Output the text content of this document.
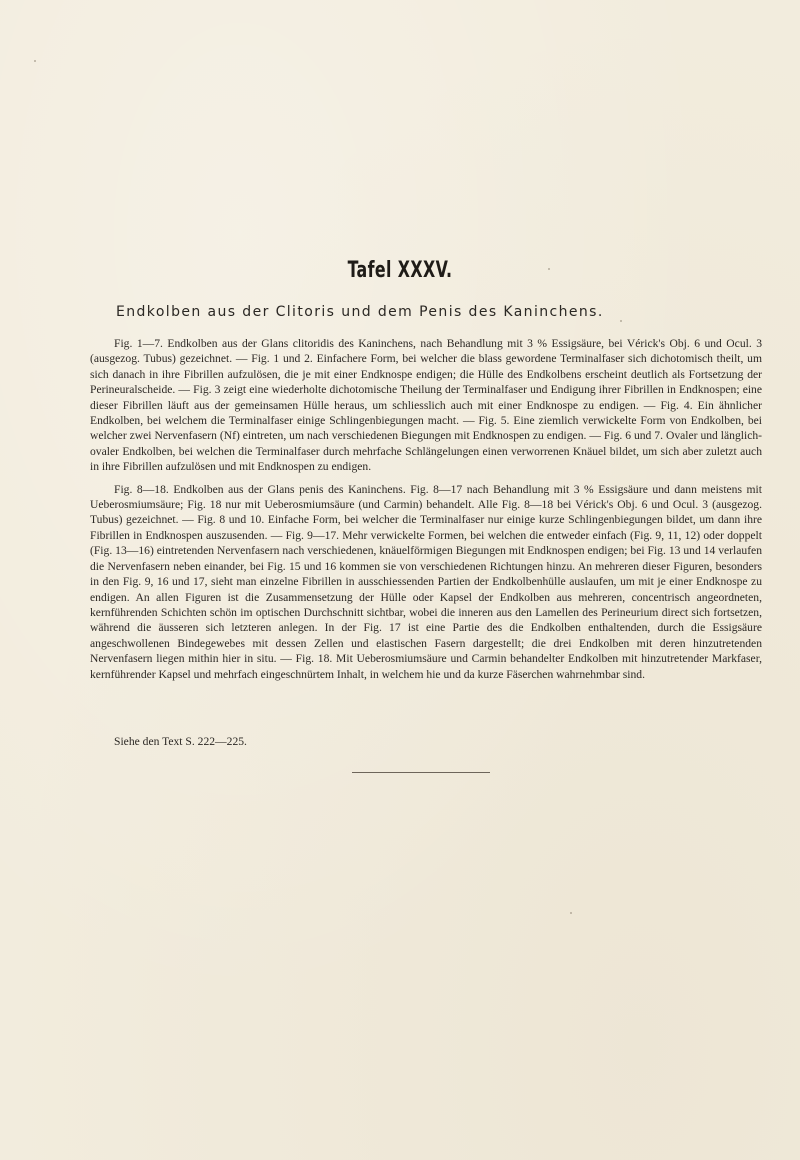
Tafel XXXV.
Endkolben aus der Clitoris und dem Penis des Kaninchens.

Fig. 1—7. Endkolben aus der Glans clitoridis des Kaninchens, nach Behandlung mit 3 % Essigsäure, bei Vérick's Obj. 6 und Ocul. 3 (ausgezog. Tubus) gezeichnet. — Fig. 1 und 2. Einfachere Form, bei welcher die blass gewordene Terminalfaser sich dichotomisch theilt, um sich danach in ihre Fibrillen aufzulösen, die je mit einer Endknospe endigen; die Hülle des Endkolbens erscheint deutlich als Fortsetzung der Perineuralscheide. — Fig. 3 zeigt eine wiederholte dichotomische Theilung der Terminalfaser und Endigung ihrer Fibrillen in Endknospen; eine dieser Fibrillen läuft aus der gemeinsamen Hülle heraus, um schliesslich auch mit einer Endknospe zu endigen. — Fig. 4. Ein ähnlicher Endkolben, bei welchem die Terminalfaser einige Schlingenbiegungen macht. — Fig. 5. Eine ziemlich verwickelte Form von Endkolben, bei welcher zwei Nervenfasern (Nf) eintreten, um nach verschiedenen Biegungen mit Endknospen zu endigen. — Fig. 6 und 7. Ovaler und länglich-ovaler Endkolben, bei welchen die Terminalfaser durch mehrfache Schlängelungen einen verworrenen Knäuel bildet, um sich aber zuletzt auch in ihre Fibrillen aufzulösen und mit Endknospen zu endigen.

Fig. 8—18. Endkolben aus der Glans penis des Kaninchens. Fig. 8—17 nach Behandlung mit 3 % Essigsäure und dann meistens mit Ueberosmiumsäure; Fig. 18 nur mit Ueberosmiumsäure (und Carmin) behandelt. Alle Fig. 8—18 bei Vérick's Obj. 6 und Ocul. 3 (ausgezog. Tubus) gezeichnet. — Fig. 8 und 10. Einfache Form, bei welcher die Terminalfaser nur einige kurze Schlingenbiegungen bildet, um dann ihre Fibrillen in Endknospen auszusenden. — Fig. 9—17. Mehr verwickelte Formen, bei welchen die entweder einfach (Fig. 9, 11, 12) oder doppelt (Fig. 13—16) eintretenden Nervenfasern nach verschiedenen, knäuelförmigen Biegungen mit Endknospen endigen; bei Fig. 13 und 14 verlaufen die Nervenfasern neben einander, bei Fig. 15 und 16 kommen sie von verschiedenen Richtungen hinzu. An mehreren dieser Figuren, besonders in den Fig. 9, 16 und 17, sieht man einzelne Fibrillen in ausschiessenden Partien der Endkolbenhülle auslaufen, um mit je einer Endknospe zu endigen. An allen Figuren ist die Zusammensetzung der Hülle oder Kapsel der Endkolben aus mehreren, concentrisch angeordneten, kernführenden Schichten schön im optischen Durchschnitt sichtbar, wobei die inneren aus den Lamellen des Perineurium direct sich fortsetzen, während die äusseren sich letzteren anlegen. In der Fig. 17 ist eine Partie des die Endkolben enthaltenden, durch die Essigsäure angeschwollenen Bindegewebes mit dessen Zellen und elastischen Fasern dargestellt; die drei Endkolben mit deren hinzutretenden Nervenfasern liegen mithin hier in situ. — Fig. 18. Mit Ueberosmiumsäure und Carmin behandelter Endkolben mit hinzutretender Markfaser, kernführender Kapsel und mehrfach eingeschnürtem Inhalt, in welchem hie und da kurze Fäserchen wahrnehmbar sind.

Siehe den Text S. 222—225.
